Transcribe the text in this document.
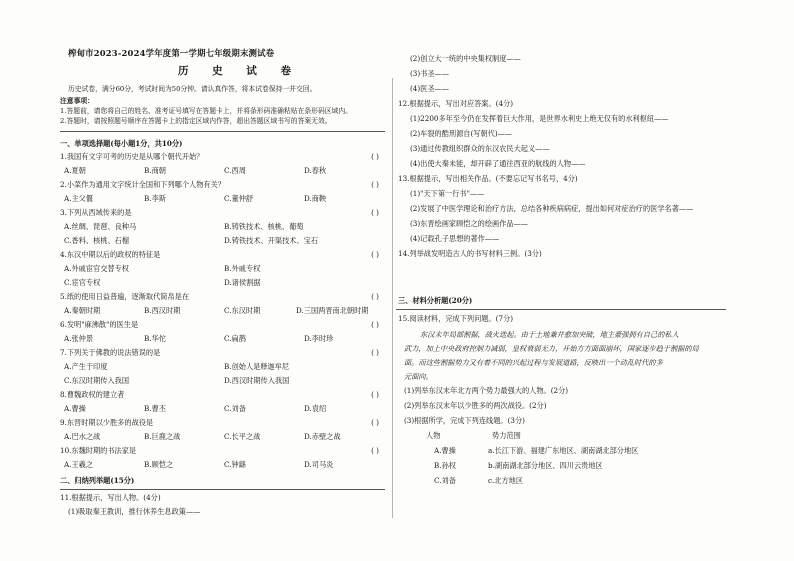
榨甸市2023-2024学年度第一学期七年级期末测试卷
历 史 试 卷
历史试卷，满分60分，考试时间为50分钟。请认真作答，将本试卷保持一并交回。
注意事项：
1.答题前，请您将自己的姓名、准考证号填写在答题卡上，并将条形码准确粘贴在条形码区域内。
2.答题时，请按照题号顺序在答题卡上的指定区域内作答，超出答题区域书写的答案无效。
一、单项选择题(每小题1分，共10分)
1.我国有文字可考的历史是从哪个朝代开始？	( )
A.夏朝	B.商朝	C.西周	D.春秋
2.小菜作为通用文字统计全国和下列哪个人物有关？	( )
A.主父偃	B.李斯	C.董仲舒	D.商鞅
3.下列从西域传来的是	( )
A.丝绸、琵琶、良种马	B.铸铁技术、核桃、葡萄
C.香料、核桃、石榴	D.铸铁技术、开渠技术、宝石
4.东汉中期以后的政权的特征是	( )
A.外戚宦官交替专权	B.外戚专权
C.宦官专权	D.诸侯割据
5.纸的使用日益普遍，逐渐取代简帛是在	( )
A.秦朝时期	B.西汉时期	C.东汉时期	D.三国两晋南北朝时期
6.发明"麻沸散"的医生是	( )
A.张仲景	B.华佗	C.扁鹊	D.李时珍
7.下列关于佛教的说法错误的是	( )
A.产生于印度	B.创始人是释迦牟尼
C.东汉时期传入我国	D.西汉时期传入我国
8.曹魏政权的建立者	( )
A.曹操	B.曹丕	C.刘备	D.袁绍
9.东晋时期以少胜多的战役是	( )
A.巴水之战	B.巨鹿之战	C.长平之战	D.赤壁之战
10.东魏时期的书法家是	( )
A.王羲之	B.顾恺之	C.钟繇	D.司马炎
二、归纳列举题(15分)
11.根据提示，写出人物。(4分)
(1)吸取秦王教训，推行休养生息政策——
(2)创立大一统的中央集权制度——
(3)书圣——
(4)医圣——
12.根据提示，写出对应答案。(4分)
(1)2200多年至今仍在发挥着巨大作用，是世界水利史上绝无仅有的水利枢纽——
(2)车裂的酷刑源自(写朝代)——
(3)通过传教组织群众的东汉农民大起义——
(4)出使大秦未能，却开辟了通往西亚的航线的人物——
13.根据提示，写出相关作品。(不要忘记写书名号，4分)
(1)"天下第一行书"——
(2)发展了中医学理论和治疗方法，总结各种疾病病症，提出如何对症治疗的医学名著——
(3)东晋绘画家顾恺之的绘画作品——
(4)记载孔子思想的著作——
14.列举战发明造古人的书写材料三例。(3分)
三、材料分析题(20分)
15.阅读材料，完成下列问题。(7分)
东汉末年局部割据，战火迭起。由于土地兼并愈加突破，地主豪强拥有自己的私人
武力，加上中央政府控制力减弱，皇权衰弱无力，开始方方面面崩坏，国家逐步趋于割据的局
面。而这些割据势力又有着不同的兴起过程与发展道路，反映出一个动乱时代的多
元面向。
(1)列举东汉末年北方两个势力最强大的人物。(2分)
(2)列举东汉末年以少胜多的两次战役。(2分)
(3)根据所学，完成下列连线题。(3分)
人物	势力范围
A.曹操	a.长江下游、福建广东地区、湖南湖北部分地区
B.孙权	b.湖南湖北部分地区、四川云贵地区
C.刘备	c.北方地区
